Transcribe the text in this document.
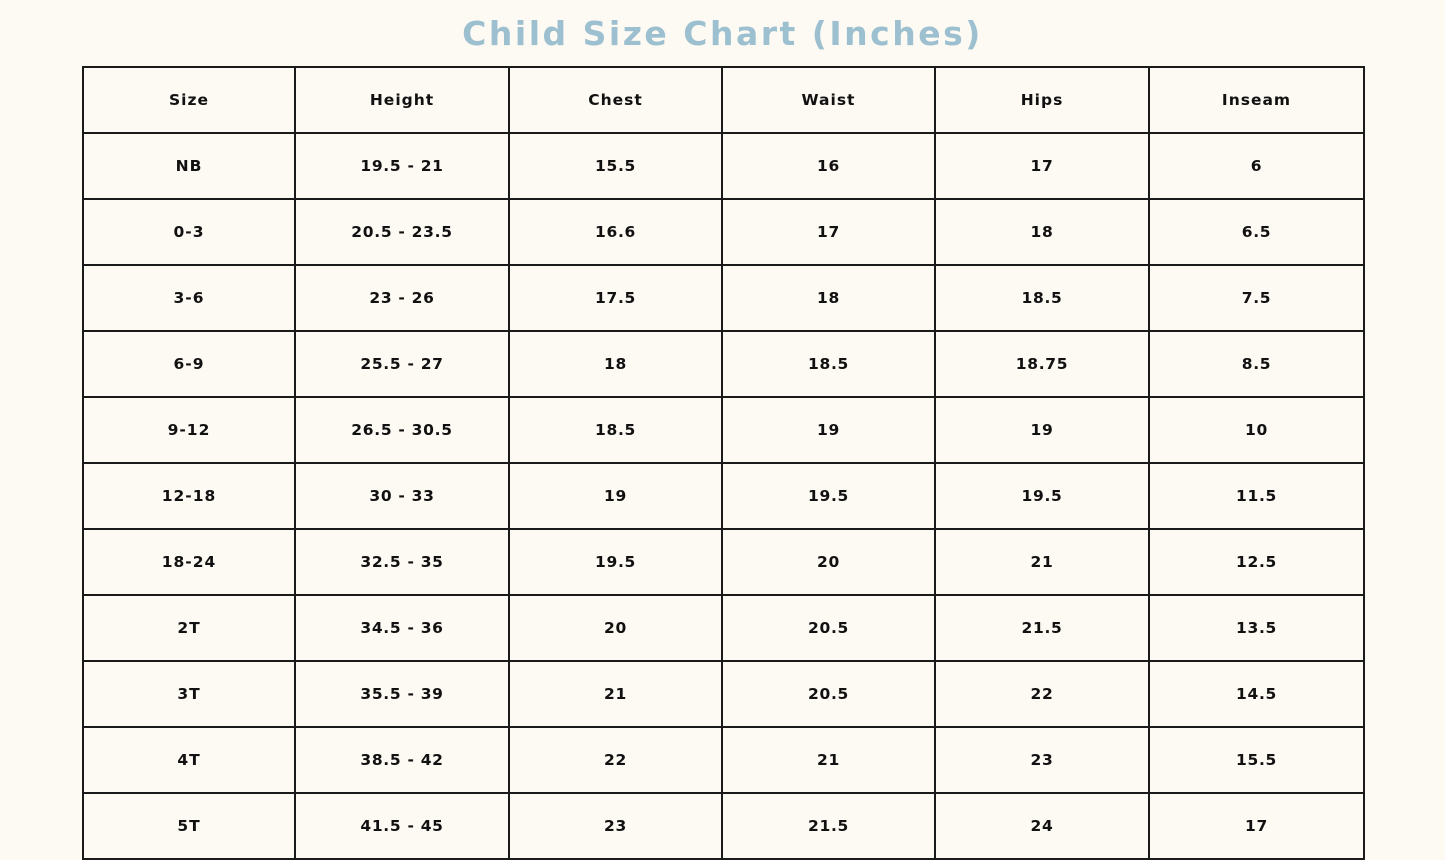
Child Size Chart (Inches)
Size	Height	Chest	Waist	Hips	Inseam
NB	19.5 - 21	15.5	16	17	6
0-3	20.5 - 23.5	16.6	17	18	6.5
3-6	23 - 26	17.5	18	18.5	7.5
6-9	25.5 - 27	18	18.5	18.75	8.5
9-12	26.5 - 30.5	18.5	19	19	10
12-18	30 - 33	19	19.5	19.5	11.5
18-24	32.5 - 35	19.5	20	21	12.5
2T	34.5 - 36	20	20.5	21.5	13.5
3T	35.5 - 39	21	20.5	22	14.5
4T	38.5 - 42	22	21	23	15.5
5T	41.5 - 45	23	21.5	24	17
